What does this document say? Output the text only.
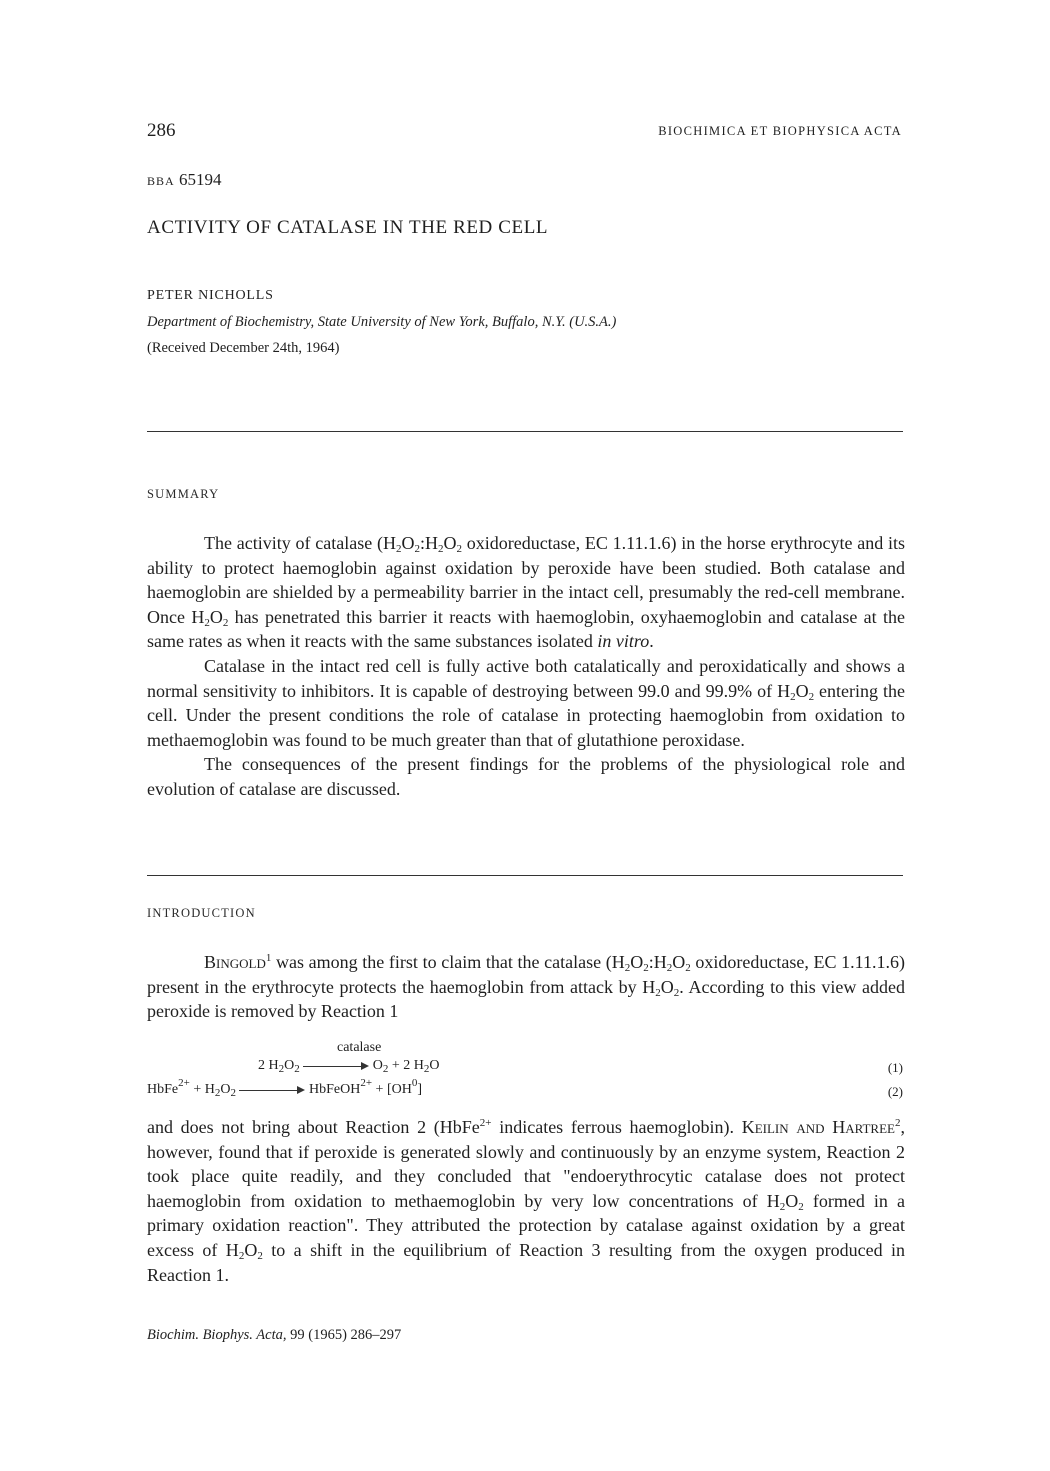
286	BIOCHIMICA ET BIOPHYSICA ACTA
BBA 65194
ACTIVITY OF CATALASE IN THE RED CELL
PETER NICHOLLS
Department of Biochemistry, State University of New York, Buffalo, N.Y. (U.S.A.)
(Received December 24th, 1964)
SUMMARY

The activity of catalase ($H_2O_2:H_2O_2$ oxidoreductase, EC 1.11.1.6) in the horse erythrocyte and its ability to protect haemoglobin against oxidation by peroxide have been studied. Both catalase and haemoglobin are shielded by a permeability barrier in the intact cell, presumably the red-cell membrane. Once $H_2O_2$ has penetrated this barrier it reacts with haemoglobin, oxyhaemoglobin and catalase at the same rates as when it reacts with the same substances isolated in vitro.

Catalase in the intact red cell is fully active both catalatically and peroxidatically and shows a normal sensitivity to inhibitors. It is capable of destroying between 99.0 and 99.9% of $H_2O_2$ entering the cell. Under the present conditions the role of catalase in protecting haemoglobin from oxidation to methaemoglobin was found to be much greater than that of glutathione peroxidase.

The consequences of the present findings for the problems of the physiological role and evolution of catalase are discussed.

INTRODUCTION

Bingold$^1$ was among the first to claim that the catalase ($H_2O_2:H_2O_2$ oxidoreductase, EC 1.11.1.6) present in the erythrocyte protects the haemoglobin from attack by $H_2O_2$. According to this view added peroxide is removed by Reaction 1

catalase
2 $H_2O_2$	$O_2 + 2$ $H_2O$	(1)
HbFe$^{2+}$ + $H_2O_2$	HbFeOH$^{2+}$ + $[OH^0]$	(2)

and does not bring about Reaction 2 (HbFe$^{2+}$ indicates ferrous haemoglobin). Keilin and Hartree$^2$, however, found that if peroxide is generated slowly and continuously by an enzyme system, Reaction 2 took place quite readily, and they concluded that "endoerythrocytic catalase does not protect haemoglobin from oxidation to methaemoglobin by very low concentrations of $H_2O_2$ formed in a primary oxidation reaction". They attributed the protection by catalase against oxidation by a great excess of $H_2O_2$ to a shift in the equilibrium of Reaction 3 resulting from the oxygen produced in Reaction 1.

Biochim. Biophys. Acta, 99 (1965) 286–297
